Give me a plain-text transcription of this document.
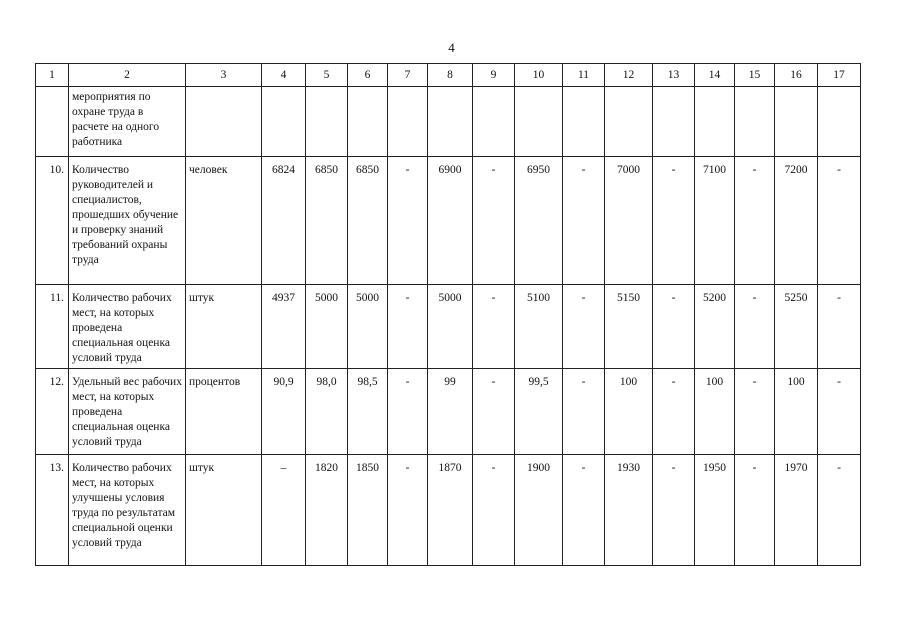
4
1	2	3	4	5	6	7	8	9	10	11	12	13	14	15	16	17
	мероприятия по охране труда в расчете на одного работника															
10.	Количество руководителей и специалистов, прошедших обучение и проверку знаний требований охраны труда	человек	6824	6850	6850	-	6900	-	6950	-	7000	-	7100	-	7200	-
11.	Количество рабочих мест, на которых проведена специальная оценка условий труда	штук	4937	5000	5000	-	5000	-	5100	-	5150	-	5200	-	5250	-
12.	Удельный вес рабочих мест, на которых проведена специальная оценка условий труда	процентов	90,9	98,0	98,5	-	99	-	99,5	-	100	-	100	-	100	-
13.	Количество рабочих мест, на которых улучшены условия труда по результатам специальной оценки условий труда	штук	–	1820	1850	-	1870	-	1900	-	1930	-	1950	-	1970	-
